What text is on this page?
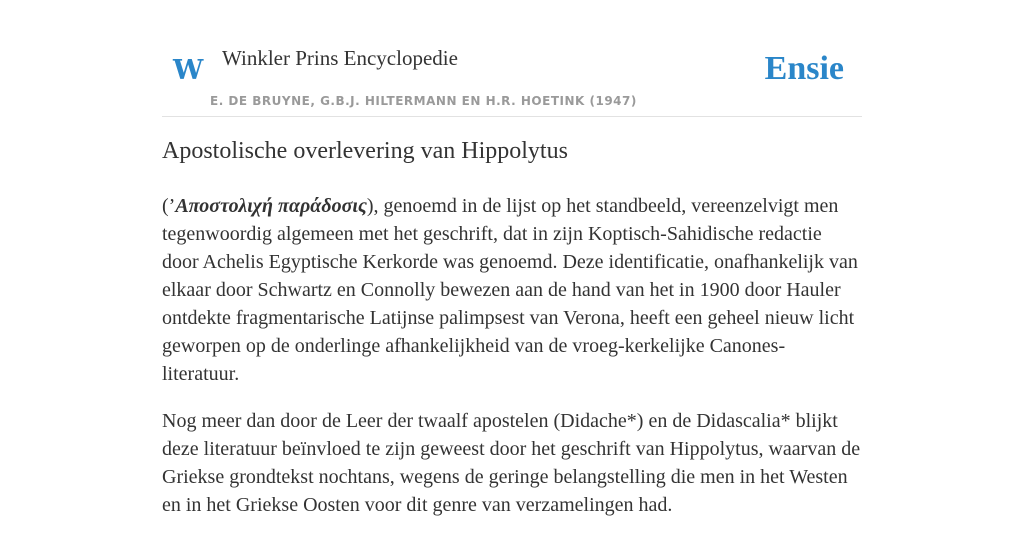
W Winkler Prins Encyclopedie
E. DE BRUYNE, G.B.J. HILTERMANN EN H.R. HOETINK (1947)
Ensie
Apostolische overlevering van Hippolytus

(’Aποστολιχή παράδοσις), genoemd in de lijst op het standbeeld, vereenzelvigt men tegenwoordig algemeen met het geschrift, dat in zijn Koptisch-Sahidische redactie door Achelis Egyptische Kerkorde was genoemd. Deze identificatie, onafhankelijk van elkaar door Schwartz en Connolly bewezen aan de hand van het in 1900 door Hauler ontdekte fragmentarische Latijnse palimpsest van Verona, heeft een geheel nieuw licht geworpen op de onderlinge afhankelijkheid van de vroeg-kerkelijke Canones-literatuur.

Nog meer dan door de Leer der twaalf apostelen (Didache*) en de Didascalia* blijkt deze literatuur beïnvloed te zijn geweest door het geschrift van Hippolytus, waarvan de Griekse grondtekst nochtans, wegens de geringe belangstelling die men in het Westen en in het Griekse Oosten voor dit genre van verzamelingen had.
